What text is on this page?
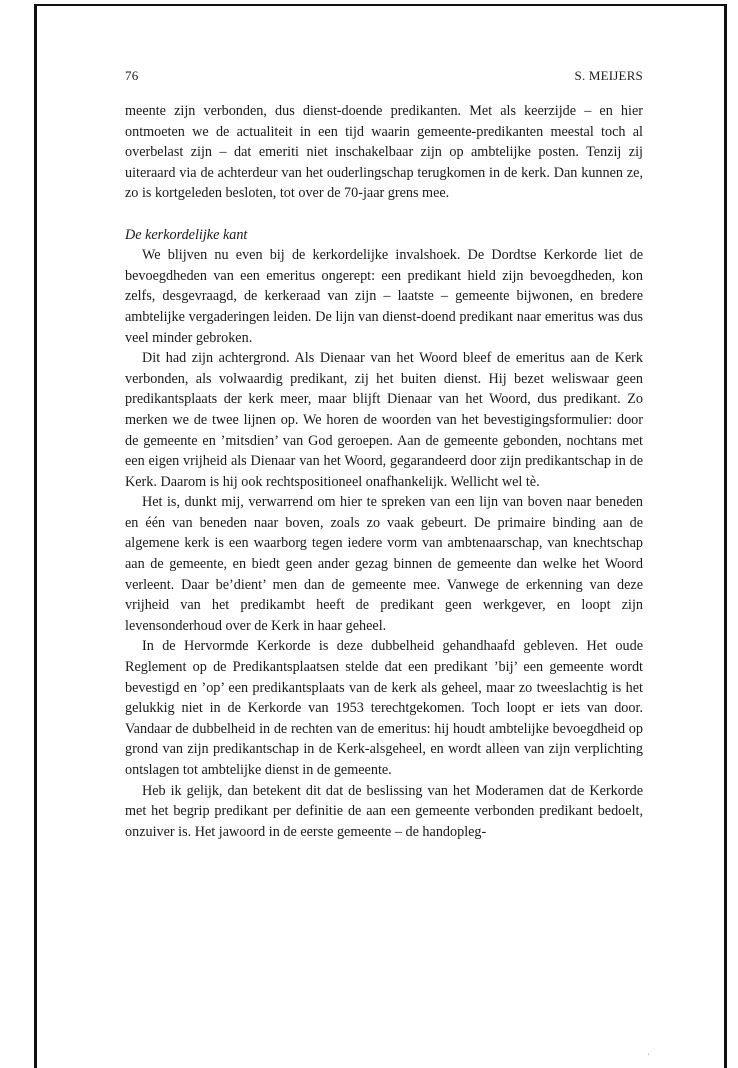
76	S. MEIJERS

meente zijn verbonden, dus dienst-doende predikanten. Met als keerzijde – en hier ontmoeten we de actualiteit in een tijd waarin gemeente-predikanten meestal toch al overbelast zijn – dat emeriti niet inschakelbaar zijn op ambtelijke posten. Tenzij zij uiteraard via de achterdeur van het ouderlingschap terugkomen in de kerk. Dan kunnen ze, zo is kortgeleden besloten, tot over de 70-jaar grens mee.

De kerkordelijke kant

We blijven nu even bij de kerkordelijke invalshoek. De Dordtse Kerkorde liet de bevoegdheden van een emeritus ongerept: een predikant hield zijn bevoegdheden, kon zelfs, desgevraagd, de kerkeraad van zijn – laatste – gemeente bijwonen, en bredere ambtelijke vergaderingen leiden. De lijn van dienst-doend predikant naar emeritus was dus veel minder gebroken.

Dit had zijn achtergrond. Als Dienaar van het Woord bleef de emeritus aan de Kerk verbonden, als volwaardig predikant, zij het buiten dienst. Hij bezet weliswaar geen predikantsplaats der kerk meer, maar blijft Dienaar van het Woord, dus predikant. Zo merken we de twee lijnen op. We horen de woorden van het bevestigingsformulier: door de gemeente en ’mitsdien’ van God geroepen. Aan de gemeente gebonden, nochtans met een eigen vrijheid als Dienaar van het Woord, gegarandeerd door zijn predikantschap in de Kerk. Daarom is hij ook rechtspositioneel onafhankelijk. Wellicht wel tè.

Het is, dunkt mij, verwarrend om hier te spreken van een lijn van boven naar beneden en één van beneden naar boven, zoals zo vaak gebeurt. De primaire binding aan de algemene kerk is een waarborg tegen iedere vorm van ambtenaarschap, van knechtschap aan de gemeente, en biedt geen ander gezag binnen de gemeente dan welke het Woord verleent. Daar be’dient’ men dan de gemeente mee. Vanwege de erkenning van deze vrijheid van het predikambt heeft de predikant geen werkgever, en loopt zijn levensonderhoud over de Kerk in haar geheel.

In de Hervormde Kerkorde is deze dubbelheid gehandhaafd gebleven. Het oude Reglement op de Predikantsplaatsen stelde dat een predikant ’bij’ een gemeente wordt bevestigd en ’op’ een predikantsplaats van de kerk als geheel, maar zo tweeslachtig is het gelukkig niet in de Kerkorde van 1953 terechtgekomen. Toch loopt er iets van door. Vandaar de dubbelheid in de rechten van de emeritus: hij houdt ambtelijke bevoegdheid op grond van zijn predikantschap in de Kerk-alsgeheel, en wordt alleen van zijn verplichting ontslagen tot ambtelijke dienst in de gemeente.

Heb ik gelijk, dan betekent dit dat de beslissing van het Moderamen dat de Kerkorde met het begrip predikant per definitie de aan een gemeente verbonden predikant bedoelt, onzuiver is. Het jawoord in de eerste gemeente – de handopleg-

'
